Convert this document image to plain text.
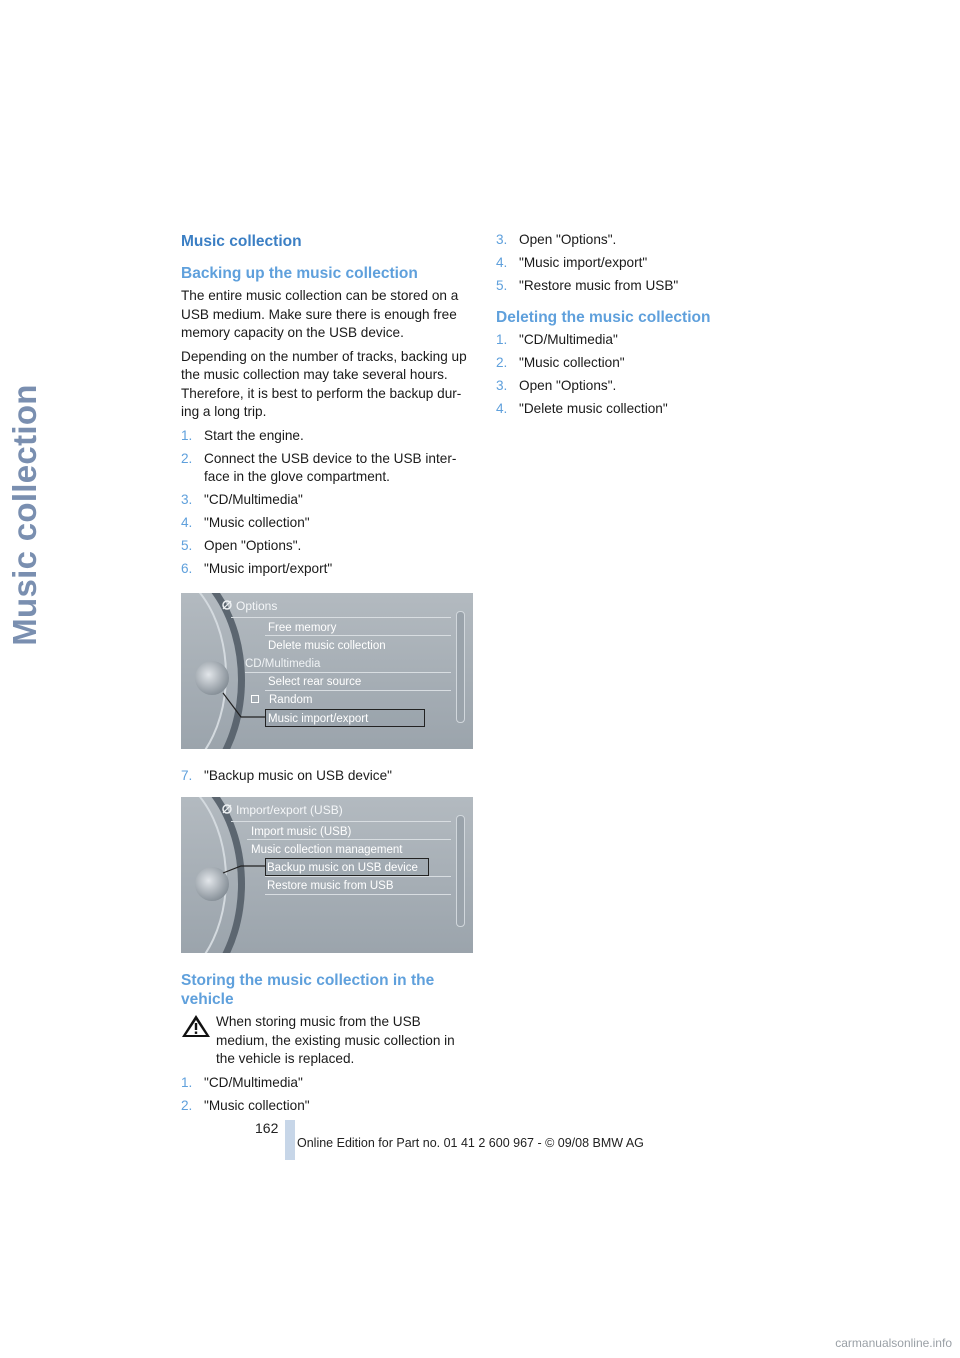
Music collection
Music collection
Backing up the music collection

The entire music collection can be stored on a USB medium. Make sure there is enough free memory capacity on the USB device.

Depending on the number of tracks, backing up the music collection may take several hours. Therefore, it is best to perform the backup dur- ing a long trip.

1. Start the engine.
2. Connect the USB device to the USB inter- face in the glove compartment.
3. "CD/Multimedia"
4. "Music collection"
5. Open "Options".
6. "Music import/export"
Options
Free memory
Delete music collection
CD/Multimedia
Select rear source
Random
Music import/export
7. "Backup music on USB device"
Import/export (USB)
Import music (USB)
Music collection management
Backup music on USB device
Restore music from USB
Storing the music collection in the vehicle

When storing music from the USB medium, the existing music collection in the vehicle is replaced.

1. "CD/Multimedia"
2. "Music collection"
3. Open "Options".
4. "Music import/export"
5. "Restore music from USB"
Deleting the music collection
1. "CD/Multimedia"
2. "Music collection"
3. Open "Options".
4. "Delete music collection"
162
Online Edition for Part no. 01 41 2 600 967 - © 09/08 BMW AG
carmanualsonline.info
